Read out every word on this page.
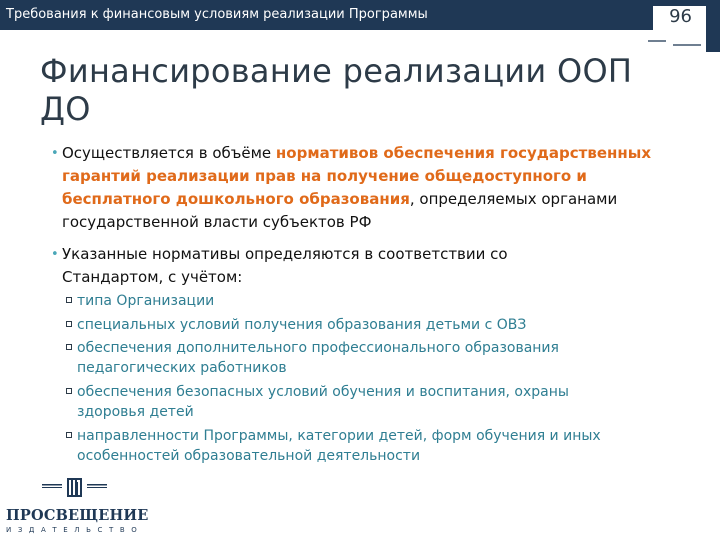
Требования к финансовым условиям реализации Программы	96
Финансирование реализации ООП ДО
• Осуществляется в объёме нормативов обеспечения государственных гарантий реализации прав на получение общедоступного и бесплатного дошкольного образования, определяемых органами государственной власти субъектов РФ
• Указанные нормативы определяются в соответствии со Стандартом, с учётом:
типа Организации
специальных условий получения образования детьми с ОВЗ
обеспечения дополнительного профессионального образования педагогических работников
обеспечения безопасных условий обучения и воспитания, охраны здоровья детей
направленности Программы, категории детей, форм обучения и иных особенностей образовательной деятельности
ИП
ПРОСВЕЩЕНИЕ
ИЗДАТЕЛЬСТВО
